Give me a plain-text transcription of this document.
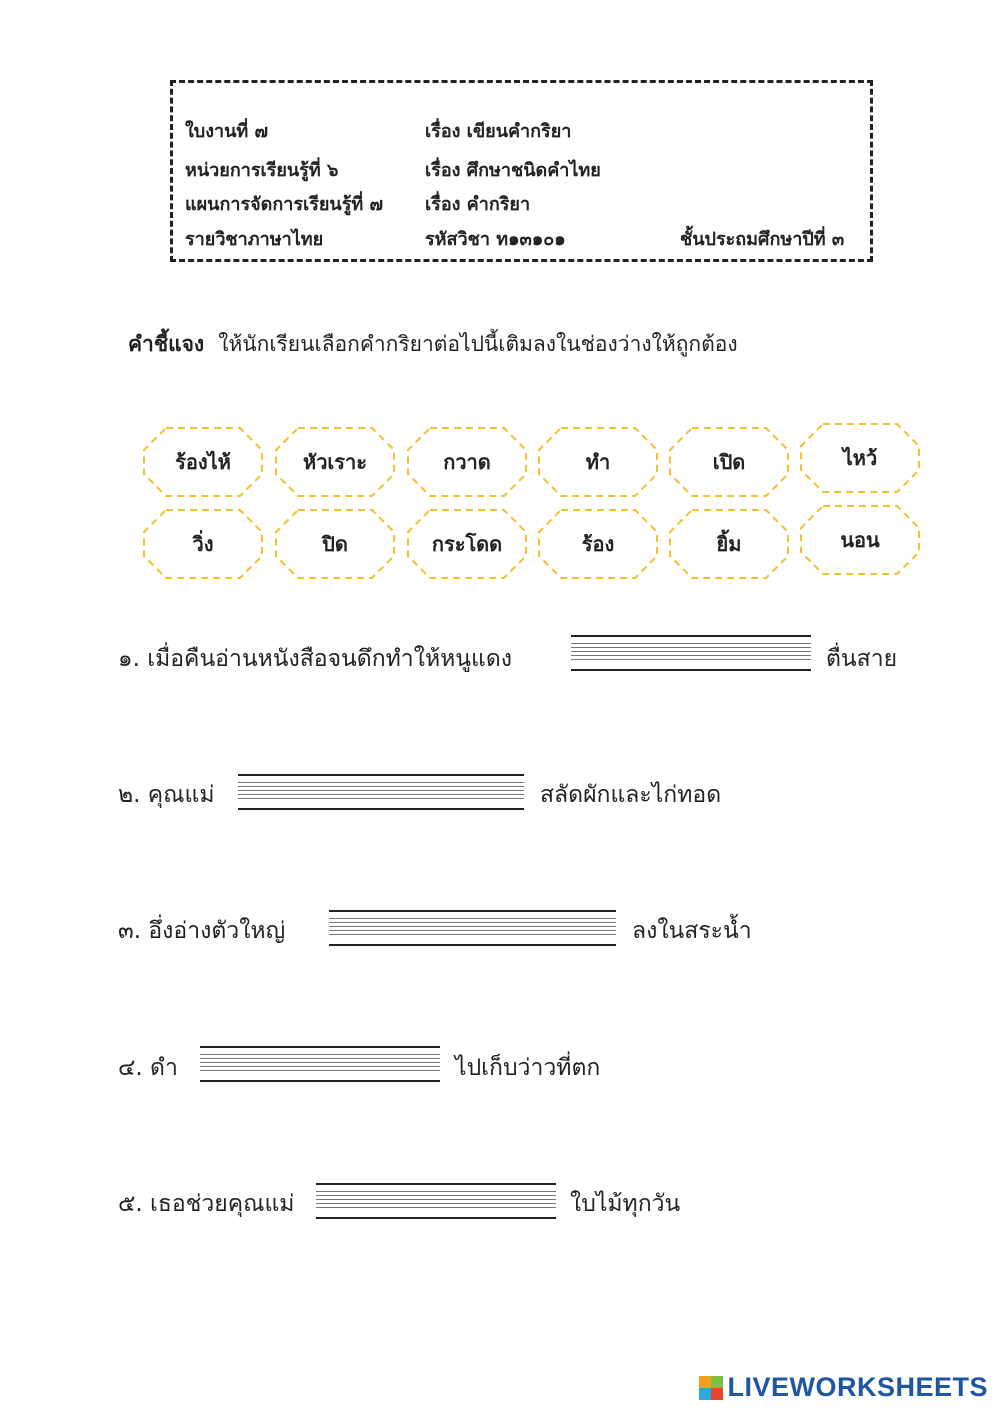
ใบงานที่ ๗	เรื่อง เขียนคำกริยา
หน่วยการเรียนรู้ที่ ๖	เรื่อง ศึกษาชนิดคำไทย
แผนการจัดการเรียนรู้ที่ ๗ เรื่อง คำกริยา
รายวิชาภาษาไทย	รหัสวิชา ท๑๓๑๐๑	ชั้นประถมศึกษาปีที่ ๓
คำชี้แจง ให้นักเรียนเลือกคำกริยาต่อไปนี้เติมลงในช่องว่างให้ถูกต้อง
ร้องไห้	หัวเราะ	กวาด	ทำ	เปิด	ไหว้
วิ่ง	ปิด	กระโดด	ร้อง	ยิ้ม	นอน
๑. เมื่อคืนอ่านหนังสือจนดึกทำให้หนูแดง	ตื่นสาย
๒. คุณแม่	สลัดผักและไก่ทอด
๓. อึ่งอ่างตัวใหญ่	ลงในสระน้ำ
๔. ดำ	ไปเก็บว่าวที่ตก
๕. เธอช่วยคุณแม่	ใบไม้ทุกวัน
LIVEWORKSHEETS
